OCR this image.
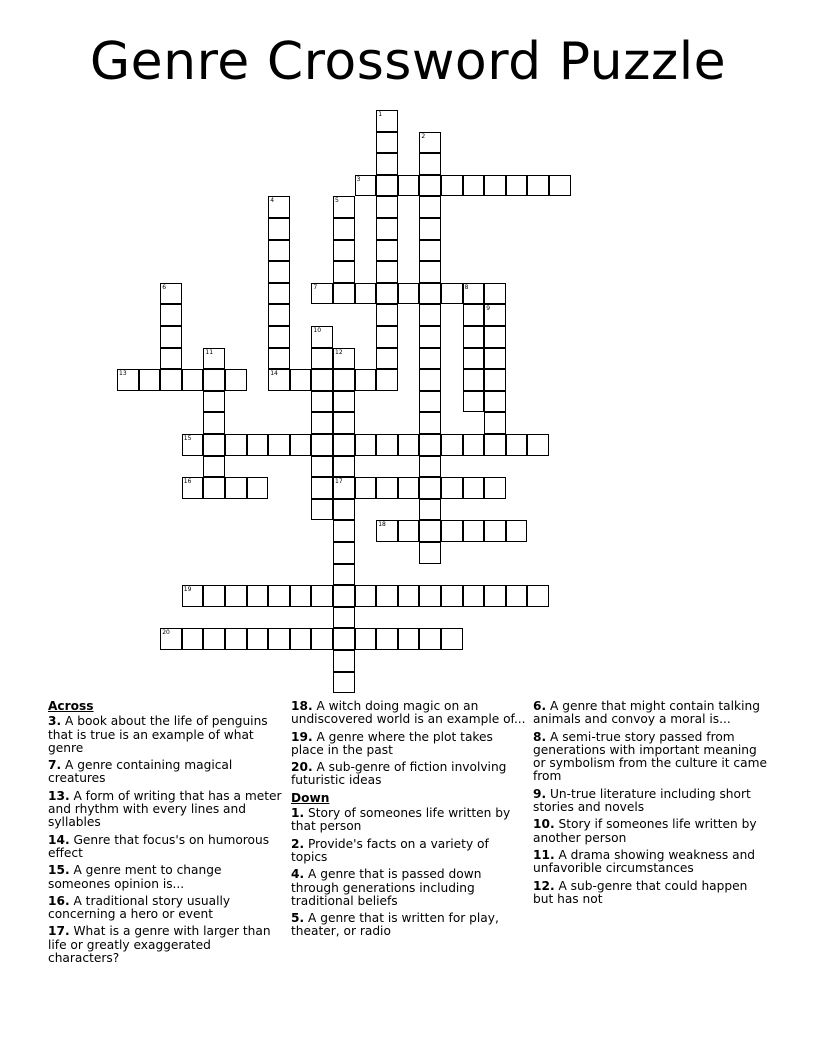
Genre Crossword Puzzle
1
2
3
4	5
6	7	8
9
10
11	12
17
13	14
15
16
18
19
20
Across
3. A book about the life of penguins that is true is an example of what genre
7. A genre containing magical creatures
13. A form of writing that has a meter and rhythm with every lines and syllables
14. Genre that focus's on humorous effect
15. A genre ment to change someones opinion is...
16. A traditional story usually concerning a hero or event
17. What is a genre with larger than life or greatly exaggerated characters?
18. A witch doing magic on an undiscovered world is an example of...
19. A genre where the plot takes place in the past
20. A sub-genre of fiction involving futuristic ideas
Down
1. Story of someones life written by that person
2. Provide's facts on a variety of topics
4. A genre that is passed down through generations including traditional beliefs
5. A genre that is written for play, theater, or radio
6. A genre that might contain talking animals and convoy a moral is...
8. A semi-true story passed from generations with important meaning or symbolism from the culture it came from
9. Un-true literature including short stories and novels
10. Story if someones life written by another person
11. A drama showing weakness and unfavorible circumstances
12. A sub-genre that could happen but has not
